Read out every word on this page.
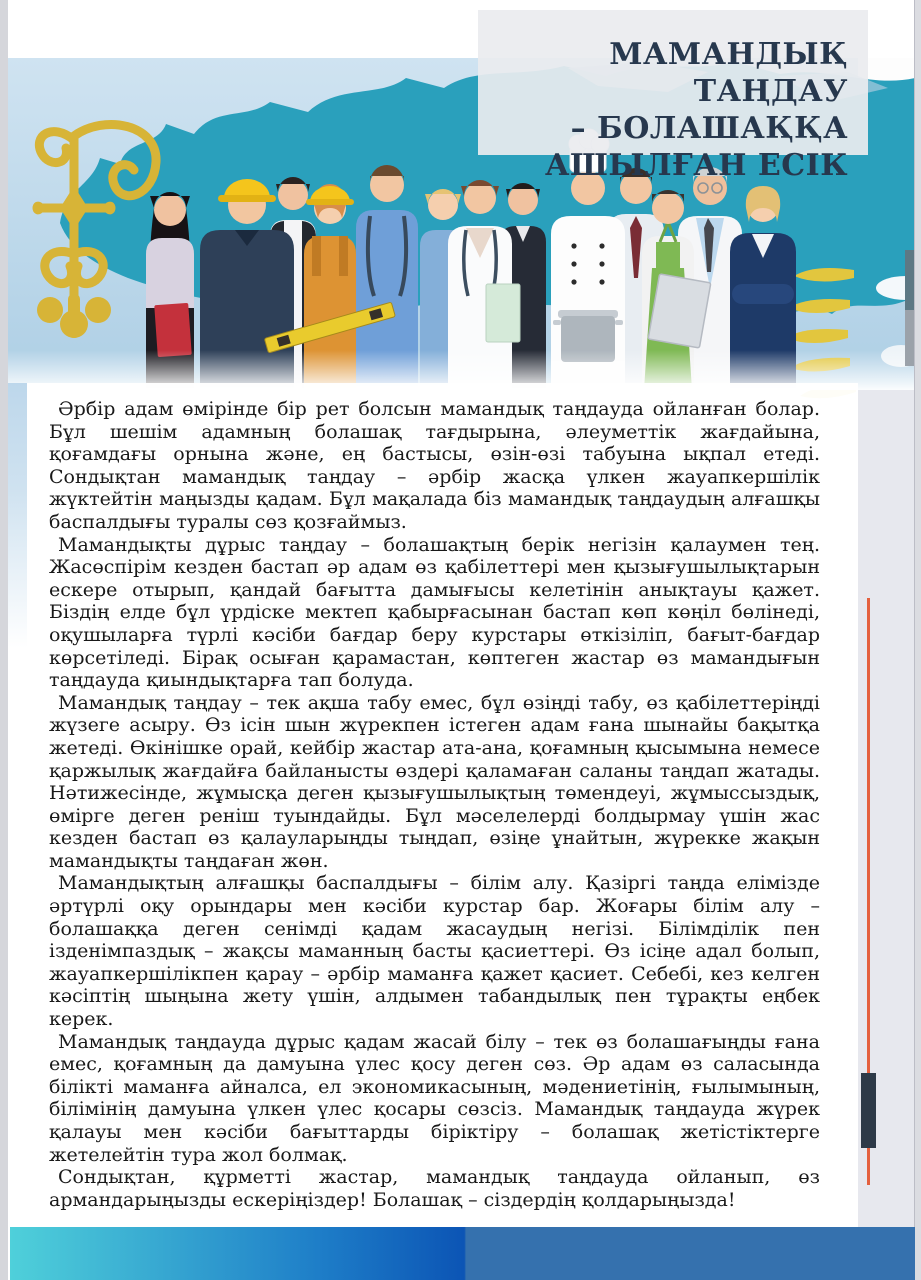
МАМАНДЫҚ ТАҢДАУ
– БОЛАШАҚҚА
АШЫЛҒАН ЕСІК

Әрбір адам өмірінде бір рет болсын мамандық таңдауда ойланған болар. Бұл шешім адамның болашақ тағдырына, әлеуметтік жағдайына, қоғамдағы орнына және, ең бастысы, өзін-өзі табуына ықпал етеді. Сондықтан мамандық таңдау – әрбір жасқа үлкен жауапкершілік жүктейтін маңызды қадам. Бұл мақалада біз мамандық таңдаудың алғашқы баспалдығы туралы сөз қозғаймыз.

Мамандықты дұрыс таңдау – болашақтың берік негізін қалаумен тең. Жасөспірім кезден бастап әр адам өз қабілеттері мен қызығушылықтарын ескере отырып, қандай бағытта дамығысы келетінін анықтауы қажет. Біздің елде бұл үрдіске мектеп қабырғасынан бастап көп көңіл бөлінеді, оқушыларға түрлі кәсіби бағдар беру курстары өткізіліп, бағыт-бағдар көрсетіледі. Бірақ осыған қарамастан, көптеген жастар өз мамандығын таңдауда қиындықтарға тап болуда.

Мамандық таңдау – тек ақша табу емес, бұл өзіңді табу, өз қабілеттеріңді жүзеге асыру. Өз ісін шын жүрекпен істеген адам ғана шынайы бақытқа жетеді. Өкінішке орай, кейбір жастар ата-ана, қоғамның қысымына немесе қаржылық жағдайға байланысты өздері қаламаған саланы таңдап жатады. Нәтижесінде, жұмысқа деген қызығушылықтың төмендеуі, жұмыссыздық, өмірге деген реніш туындайды. Бұл мәселелерді болдырмау үшін жас кезден бастап өз қалауларыңды тыңдап, өзіңе ұнайтын, жүрекке жақын мамандықты таңдаған жөн.

Мамандықтың алғашқы баспалдығы – білім алу. Қазіргі таңда елімізде әртүрлі оқу орындары мен кәсіби курстар бар. Жоғары білім алу – болашаққа деген сенімді қадам жасаудың негізі. Білімділік пен ізденімпаздық – жақсы маманның басты қасиеттері. Өз ісіңе адал болып, жауапкершілікпен қарау – әрбір маманға қажет қасиет. Себебі, кез келген кәсіптің шыңына жету үшін, алдымен табандылық пен тұрақты еңбек керек.

Мамандық таңдауда дұрыс қадам жасай білу – тек өз болашағыңды ғана емес, қоғамның да дамуына үлес қосу деген сөз. Әр адам өз саласында білікті маманға айналса, ел экономикасының, мәдениетінің, ғылымының, білімінің дамуына үлкен үлес қосары сөзсіз. Мамандық таңдауда жүрек қалауы мен кәсіби бағыттарды біріктіру – болашақ жетістіктерге жетелейтін тура жол болмақ.

Сондықтан, құрметті жастар, мамандық таңдауда ойланып, өз армандарыңызды ескеріңіздер! Болашақ – сіздердің қолдарыңызда!
